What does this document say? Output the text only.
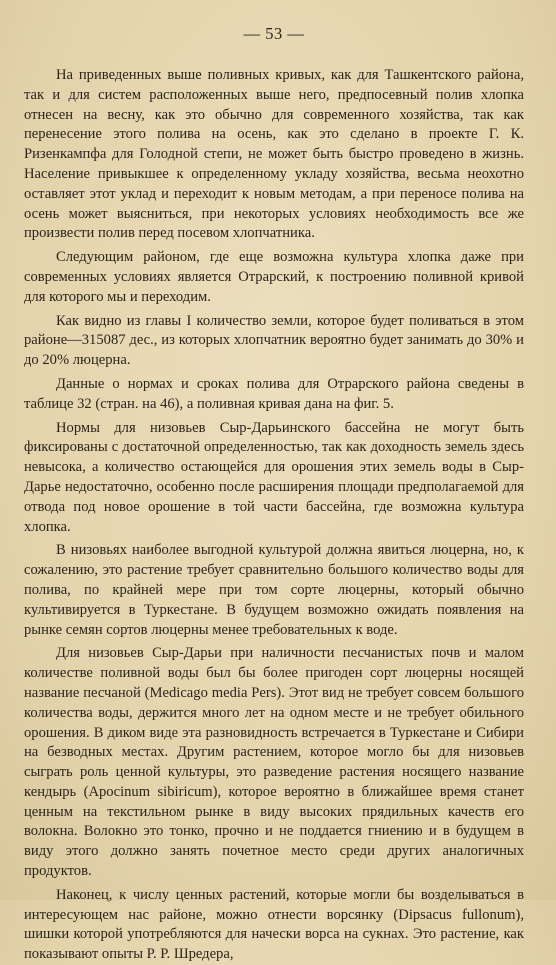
— 53 —

На приведенных выше поливных кривых, как для Ташкентского района, так и для систем расположенных выше него, предпосевный полив хлопка отнесен на весну, как это обычно для современного хозяйства, так как перенесение этого полива на осень, как это сделано в проекте Г. К. Ризенкампфа для Голодной степи, не может быть быстро проведено в жизнь. Население привыкшее к определенному укладу хозяйства, весьма неохотно оставляет этот уклад и переходит к новым методам, а при переносе полива на осень может выясниться, при некоторых условиях необходимость все же произвести полив перед посевом хлопчатника.

Следующим районом, где еще возможна культура хлопка даже при современных условиях является Отрарский, к построению поливной кривой для которого мы и переходим.

Как видно из главы I количество земли, которое будет поливаться в этом районе—315087 дес., из которых хлопчатник вероятно будет занимать до 30% и до 20% люцерна.

Данные о нормах и сроках полива для Отрарского района сведены в таблице 32 (стран. на 46), а поливная кривая дана на фиг. 5.

Нормы для низовьев Сыр-Дарьинского бассейна не могут быть фиксированы с достаточной определенностью, так как доходность земель здесь невысока, а количество остающейся для орошения этих земель воды в Сыр-Дарье недостаточно, особенно после расширения площади предполагаемой для отвода под новое орошение в той части бассейна, где возможна культура хлопка.

В низовьях наиболее выгодной культурой должна явиться люцерна, но, к сожалению, это растение требует сравнительно большого количество воды для полива, по крайней мере при том сорте люцерны, который обычно культивируется в Туркестане. В будущем возможно ожидать появления на рынке семян сортов люцерны менее требовательных к воде.

Для низовьев Сыр-Дарьи при наличности песчанистых почв и малом количестве поливной воды был бы более пригоден сорт люцерны носящей название песчаной (Medicago media Pers). Этот вид не требует совсем большого количества воды, держится много лет на одном месте и не требует обильного орошения. В диком виде эта разновидность встречается в Туркестане и Сибири на безводных местах. Другим растением, которое могло бы для низовьев сыграть роль ценной культуры, это разведение растения носящего название кендырь (Apocinum sibiricum), которое вероятно в ближайшее время станет ценным на текстильном рынке в виду высоких прядильных качеств его волокна. Волокно это тонко, прочно и не поддается гниению и в будущем в виду этого должно занять почетное место среди других аналогичных продуктов.

Наконец, к числу ценных растений, которые могли бы возделываться в интересующем нас районе, можно отнести ворсянку (Dipsacus fullonum), шишки которой употребляются для начески ворса на сукнах. Это растение, как показывают опыты Р. Р. Шредера,
